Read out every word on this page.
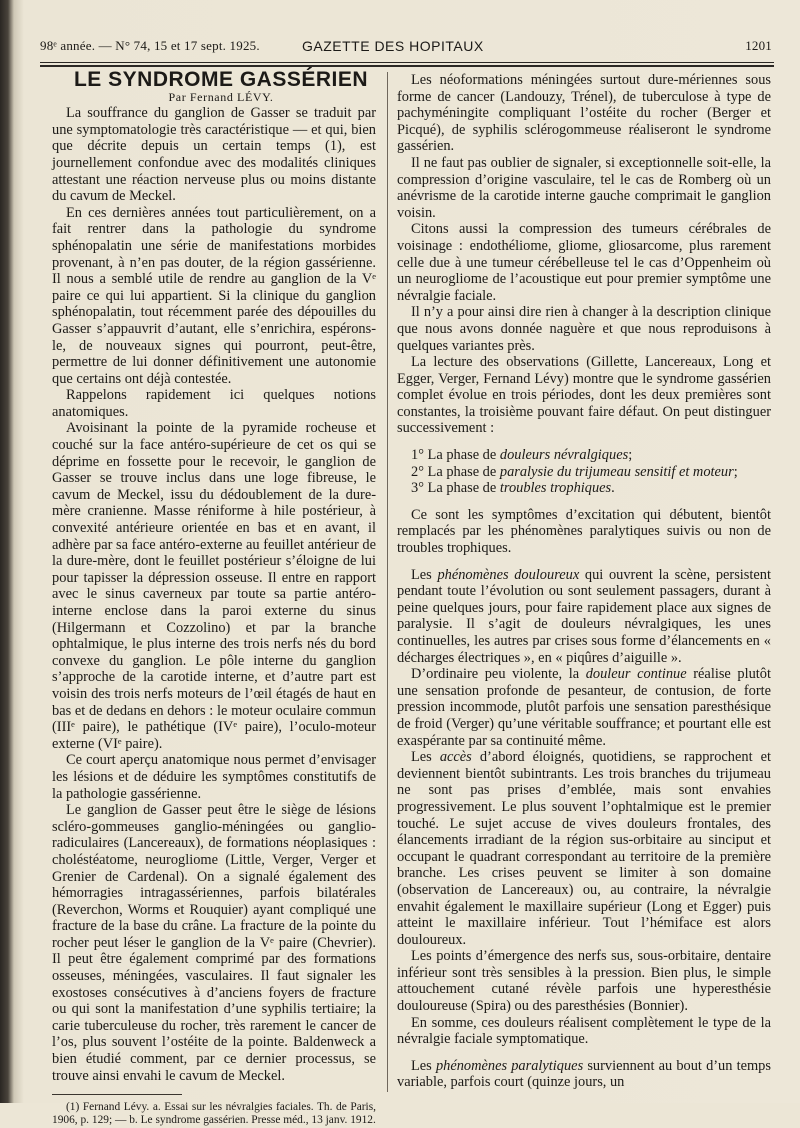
98ᵉ année. — N° 74, 15 et 17 sept. 1925.	GAZETTE DES HOPITAUX	1201

LE SYNDROME GASSÉRIEN

Par Fernand LÉVY.

La souffrance du ganglion de Gasser se traduit par une symptomatologie très caractéristique — et qui, bien que décrite depuis un certain temps (1), est journellement confondue avec des modalités cliniques attestant une réaction nerveuse plus ou moins distante du cavum de Meckel.

En ces dernières années tout particulièrement, on a fait rentrer dans la pathologie du syndrome sphénopalatin une série de manifestations morbides provenant, à n’en pas douter, de la région gassérienne. Il nous a semblé utile de rendre au ganglion de la Vᵉ paire ce qui lui appartient. Si la clinique du ganglion sphénopalatin, tout récemment parée des dépouilles du Gasser s’appauvrit d’autant, elle s’enrichira, espérons-le, de nouveaux signes qui pourront, peut-être, permettre de lui donner définitivement une autonomie que certains ont déjà contestée.

Rappelons rapidement ici quelques notions anatomiques.

Avoisinant la pointe de la pyramide rocheuse et couché sur la face antéro-supérieure de cet os qui se déprime en fossette pour le recevoir, le ganglion de Gasser se trouve inclus dans une loge fibreuse, le cavum de Meckel, issu du dédoublement de la dure-mère cranienne. Masse réniforme à hile postérieur, à convexité antérieure orientée en bas et en avant, il adhère par sa face antéro-externe au feuillet antérieur de la dure-mère, dont le feuillet postérieur s’éloigne de lui pour tapisser la dépression osseuse. Il entre en rapport avec le sinus caverneux par toute sa partie antéro-interne enclose dans la paroi externe du sinus (Hilgermann et Cozzolino) et par la branche ophtalmique, le plus interne des trois nerfs nés du bord convexe du ganglion. Le pôle interne du ganglion s’approche de la carotide interne, et d’autre part est voisin des trois nerfs moteurs de l’œil étagés de haut en bas et de dedans en dehors : le moteur oculaire commun (IIIᵉ paire), le pathétique (IVᵉ paire), l’oculo-moteur externe (VIᵉ paire).

Ce court aperçu anatomique nous permet d’envisager les lésions et de déduire les symptômes constitutifs de la pathologie gassérienne.

Le ganglion de Gasser peut être le siège de lésions scléro-gommeuses ganglio-méningées ou ganglio-radiculaires (Lancereaux), de formations néoplasiques : choléstéatome, neurogliome (Little, Verger, Verger et Grenier de Cardenal). On a signalé également des hémorragies intragassériennes, parfois bilatérales (Reverchon, Worms et Rouquier) ayant compliqué une fracture de la base du crâne. La fracture de la pointe du rocher peut léser le ganglion de la Vᵉ paire (Chevrier). Il peut être également comprimé par des formations osseuses, méningées, vasculaires. Il faut signaler les exostoses consécutives à d’anciens foyers de fracture ou qui sont la manifestation d’une syphilis tertiaire; la carie tuberculeuse du rocher, très rarement le cancer de l’os, plus souvent l’ostéite de la pointe. Baldenweck a bien étudié comment, par ce dernier processus, se trouve ainsi envahi le cavum de Meckel.

(1) Fernand Lévy. a. Essai sur les névralgies faciales. Th. de Paris, 1906, p. 129; — b. Le syndrome gassérien. Presse méd., 13 janv. 1912.

Les néoformations méningées surtout dure-mériennes sous forme de cancer (Landouzy, Trénel), de tuberculose à type de pachyméningite compliquant l’ostéite du rocher (Berger et Picqué), de syphilis sclérogommeuse réaliseront le syndrome gassérien.

Il ne faut pas oublier de signaler, si exceptionnelle soit-elle, la compression d’origine vasculaire, tel le cas de Romberg où un anévrisme de la carotide interne gauche comprimait le ganglion voisin.

Citons aussi la compression des tumeurs cérébrales de voisinage : endothéliome, gliome, gliosarcome, plus rarement celle due à une tumeur cérébelleuse tel le cas d’Oppenheim où un neurogliome de l’acoustique eut pour premier symptôme une névralgie faciale.

Il n’y a pour ainsi dire rien à changer à la description clinique que nous avons donnée naguère et que nous reproduisons à quelques variantes près.

La lecture des observations (Gillette, Lancereaux, Long et Egger, Verger, Fernand Lévy) montre que le syndrome gassérien complet évolue en trois périodes, dont les deux premières sont constantes, la troisième pouvant faire défaut. On peut distinguer successivement :

1° La phase de douleurs névralgiques;

2° La phase de paralysie du trijumeau sensitif et moteur;

3° La phase de troubles trophiques.

Ce sont les symptômes d’excitation qui débutent, bientôt remplacés par les phénomènes paralytiques suivis ou non de troubles trophiques.

Les phénomènes douloureux qui ouvrent la scène, persistent pendant toute l’évolution ou sont seulement passagers, durant à peine quelques jours, pour faire rapidement place aux signes de paralysie. Il s’agit de douleurs névralgiques, les unes continuelles, les autres par crises sous forme d’élancements en « décharges électriques », en « piqûres d’aiguille ».

D’ordinaire peu violente, la douleur continue réalise plutôt une sensation profonde de pesanteur, de contusion, de forte pression incommode, plutôt parfois une sensation paresthésique de froid (Verger) qu’une véritable souffrance; et pourtant elle est exaspérante par sa continuité même.

Les accès d’abord éloignés, quotidiens, se rapprochent et deviennent bientôt subintrants. Les trois branches du trijumeau ne sont pas prises d’emblée, mais sont envahies progressivement. Le plus souvent l’ophtalmique est le premier touché. Le sujet accuse de vives douleurs frontales, des élancements irradiant de la région sus-orbitaire au sinciput et occupant le quadrant correspondant au territoire de la première branche. Les crises peuvent se limiter à son domaine (observation de Lancereaux) ou, au contraire, la névralgie envahit également le maxillaire supérieur (Long et Egger) puis atteint le maxillaire inférieur. Tout l’hémiface est alors douloureux.

Les points d’émergence des nerfs sus, sous-orbitaire, dentaire inférieur sont très sensibles à la pression. Bien plus, le simple attouchement cutané révèle parfois une hyperesthésie douloureuse (Spira) ou des paresthésies (Bonnier).

En somme, ces douleurs réalisent complètement le type de la névralgie faciale symptomatique.

Les phénomènes paralytiques surviennent au bout d’un temps variable, parfois court (quinze jours, un
